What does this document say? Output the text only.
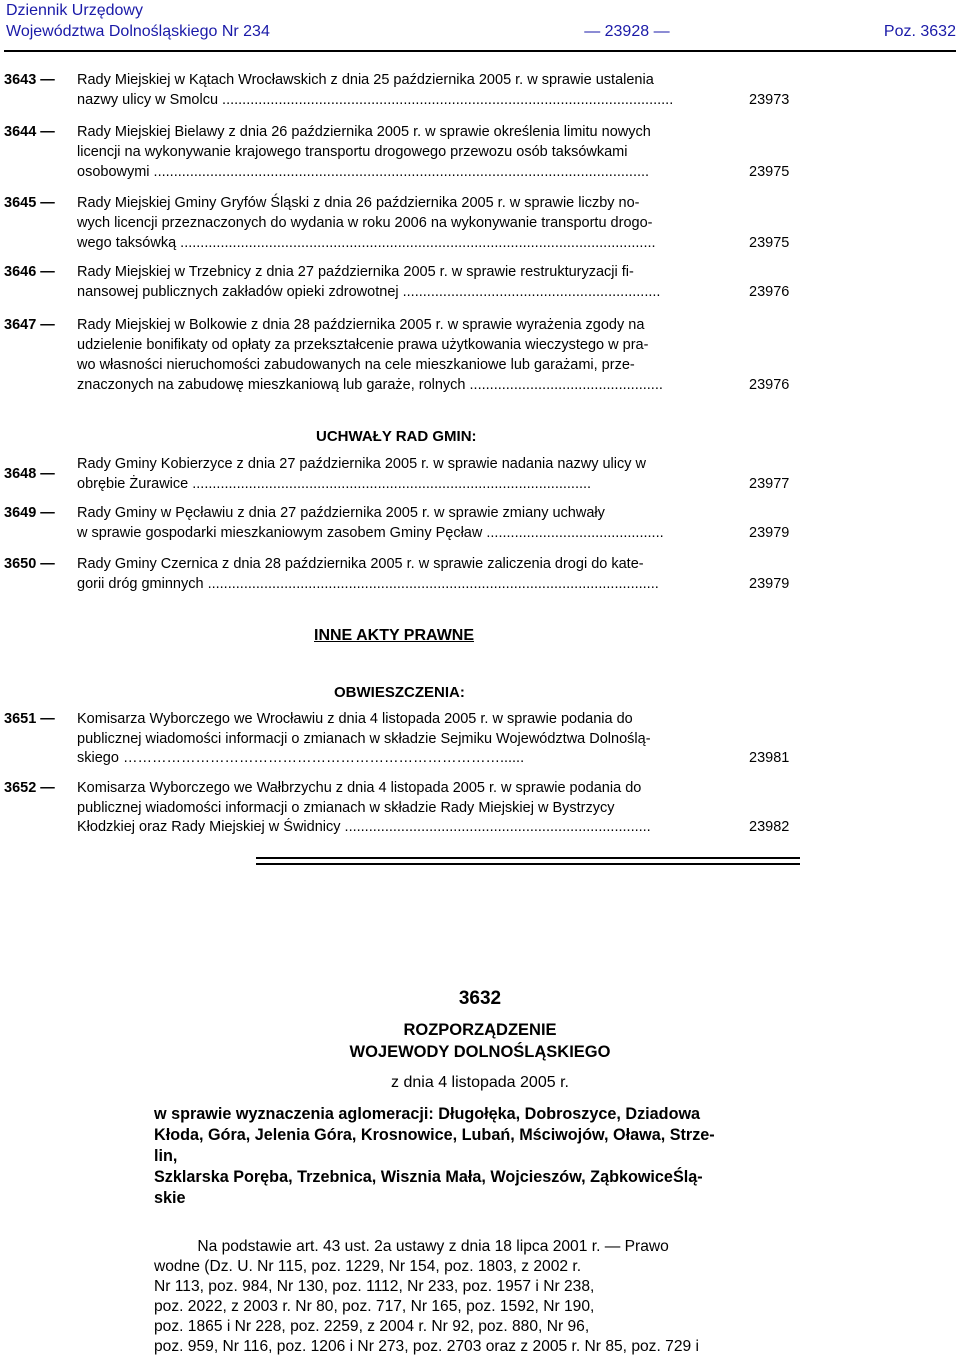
Dziennik Urzędowy
Województwa Dolnośląskiego Nr 234	— 23928 —	Poz. 3632
3643 — Rady Miejskiej w Kątach Wrocławskich z dnia 25 października 2005 r. w sprawie ustalenia
nazwy ulicy w Smolcu ................................................................................................................	23973
3644 — Rady Miejskiej Bielawy z dnia 26 października 2005 r. w sprawie określenia limitu nowych
licencji na wykonywanie krajowego transportu drogowego przewozu osób taksówkami
osobowymi ...........................................................................................................................	23975
3645 — Rady Miejskiej Gminy Gryfów Śląski z dnia 26 października 2005 r. w sprawie liczby no-
wych licencji przeznaczonych do wydania w roku 2006 na wykonywanie transportu drogo-
wego taksówką ......................................................................................................................	23975
3646 — Rady Miejskiej w Trzebnicy z dnia 27 października 2005 r. w sprawie restrukturyzacji fi-
nansowej publicznych zakładów opieki zdrowotnej ................................................................	23976
3647 — Rady Miejskiej w Bolkowie z dnia 28 października 2005 r. w sprawie wyrażenia zgody na
udzielenie bonifikaty od opłaty za przekształcenie prawa użytkowania wieczystego w pra-
wo własności nieruchomości zabudowanych na cele mieszkaniowe lub garażami, prze-
znaczonych na zabudowę mieszkaniową lub garaże, rolnych ................................................	23976
UCHWAŁY RAD GMIN:
3648 —
Rady Gminy Kobierzyce z dnia 27 października 2005 r. w sprawie nadania nazwy ulicy w
obrębie Żurawice ...................................................................................................	23977
3649 — Rady Gminy w Pęcławiu z dnia 27 października 2005 r. w sprawie zmiany uchwały
w sprawie gospodarki mieszkaniowym zasobem Gminy Pęcław ............................................	23979
3650 — Rady Gminy Czernica z dnia 28 października 2005 r. w sprawie zaliczenia drogi do kate-
gorii dróg gminnych ................................................................................................................	23979
INNE AKTY PRAWNE
OBWIESZCZENIA:
3651 — Komisarza Wyborczego we Wrocławiu z dnia 4 listopada 2005 r. w sprawie podania do
publicznej wiadomości informacji o zmianach w składzie Sejmiku Województwa Dolnoślą-
skiego ……………………………………………………………………......	23981
3652 — Komisarza Wyborczego we Wałbrzychu z dnia 4 listopada 2005 r. w sprawie podania do
publicznej wiadomości informacji o zmianach w składzie Rady Miejskiej w Bystrzycy
Kłodzkiej oraz Rady Miejskiej w Świdnicy ............................................................................	23982
3632
ROZPORZĄDZENIE
WOJEWODY DOLNOŚLĄSKIEGO
z dnia 4 listopada 2005 r.
w sprawie wyznaczenia aglomeracji: Długołęka, Dobroszyce, Dziadowa
Kłoda, Góra, Jelenia Góra, Krosnowice, Lubań, Mściwojów, Oława, Strze-
lin,
Szklarska Poręba, Trzebnica, Wisznia Mała, Wojcieszów, ZąbkowiceŚlą-
skie
Na podstawie art. 43 ust. 2a ustawy z dnia 18 lipca 2001 r. — Prawo
wodne (Dz. U. Nr 115, poz. 1229, Nr 154, poz. 1803, z 2002 r.
Nr 113, poz. 984, Nr 130, poz. 1112, Nr 233, poz. 1957 i Nr 238,
poz. 2022, z 2003 r. Nr 80, poz. 717, Nr 165, poz. 1592, Nr 190,
poz. 1865 i Nr 228, poz. 2259, z 2004 r. Nr 92, poz. 880, Nr 96,
poz. 959, Nr 116, poz. 1206 i Nr 273, poz. 2703 oraz z 2005 r. Nr 85, poz. 729 i
